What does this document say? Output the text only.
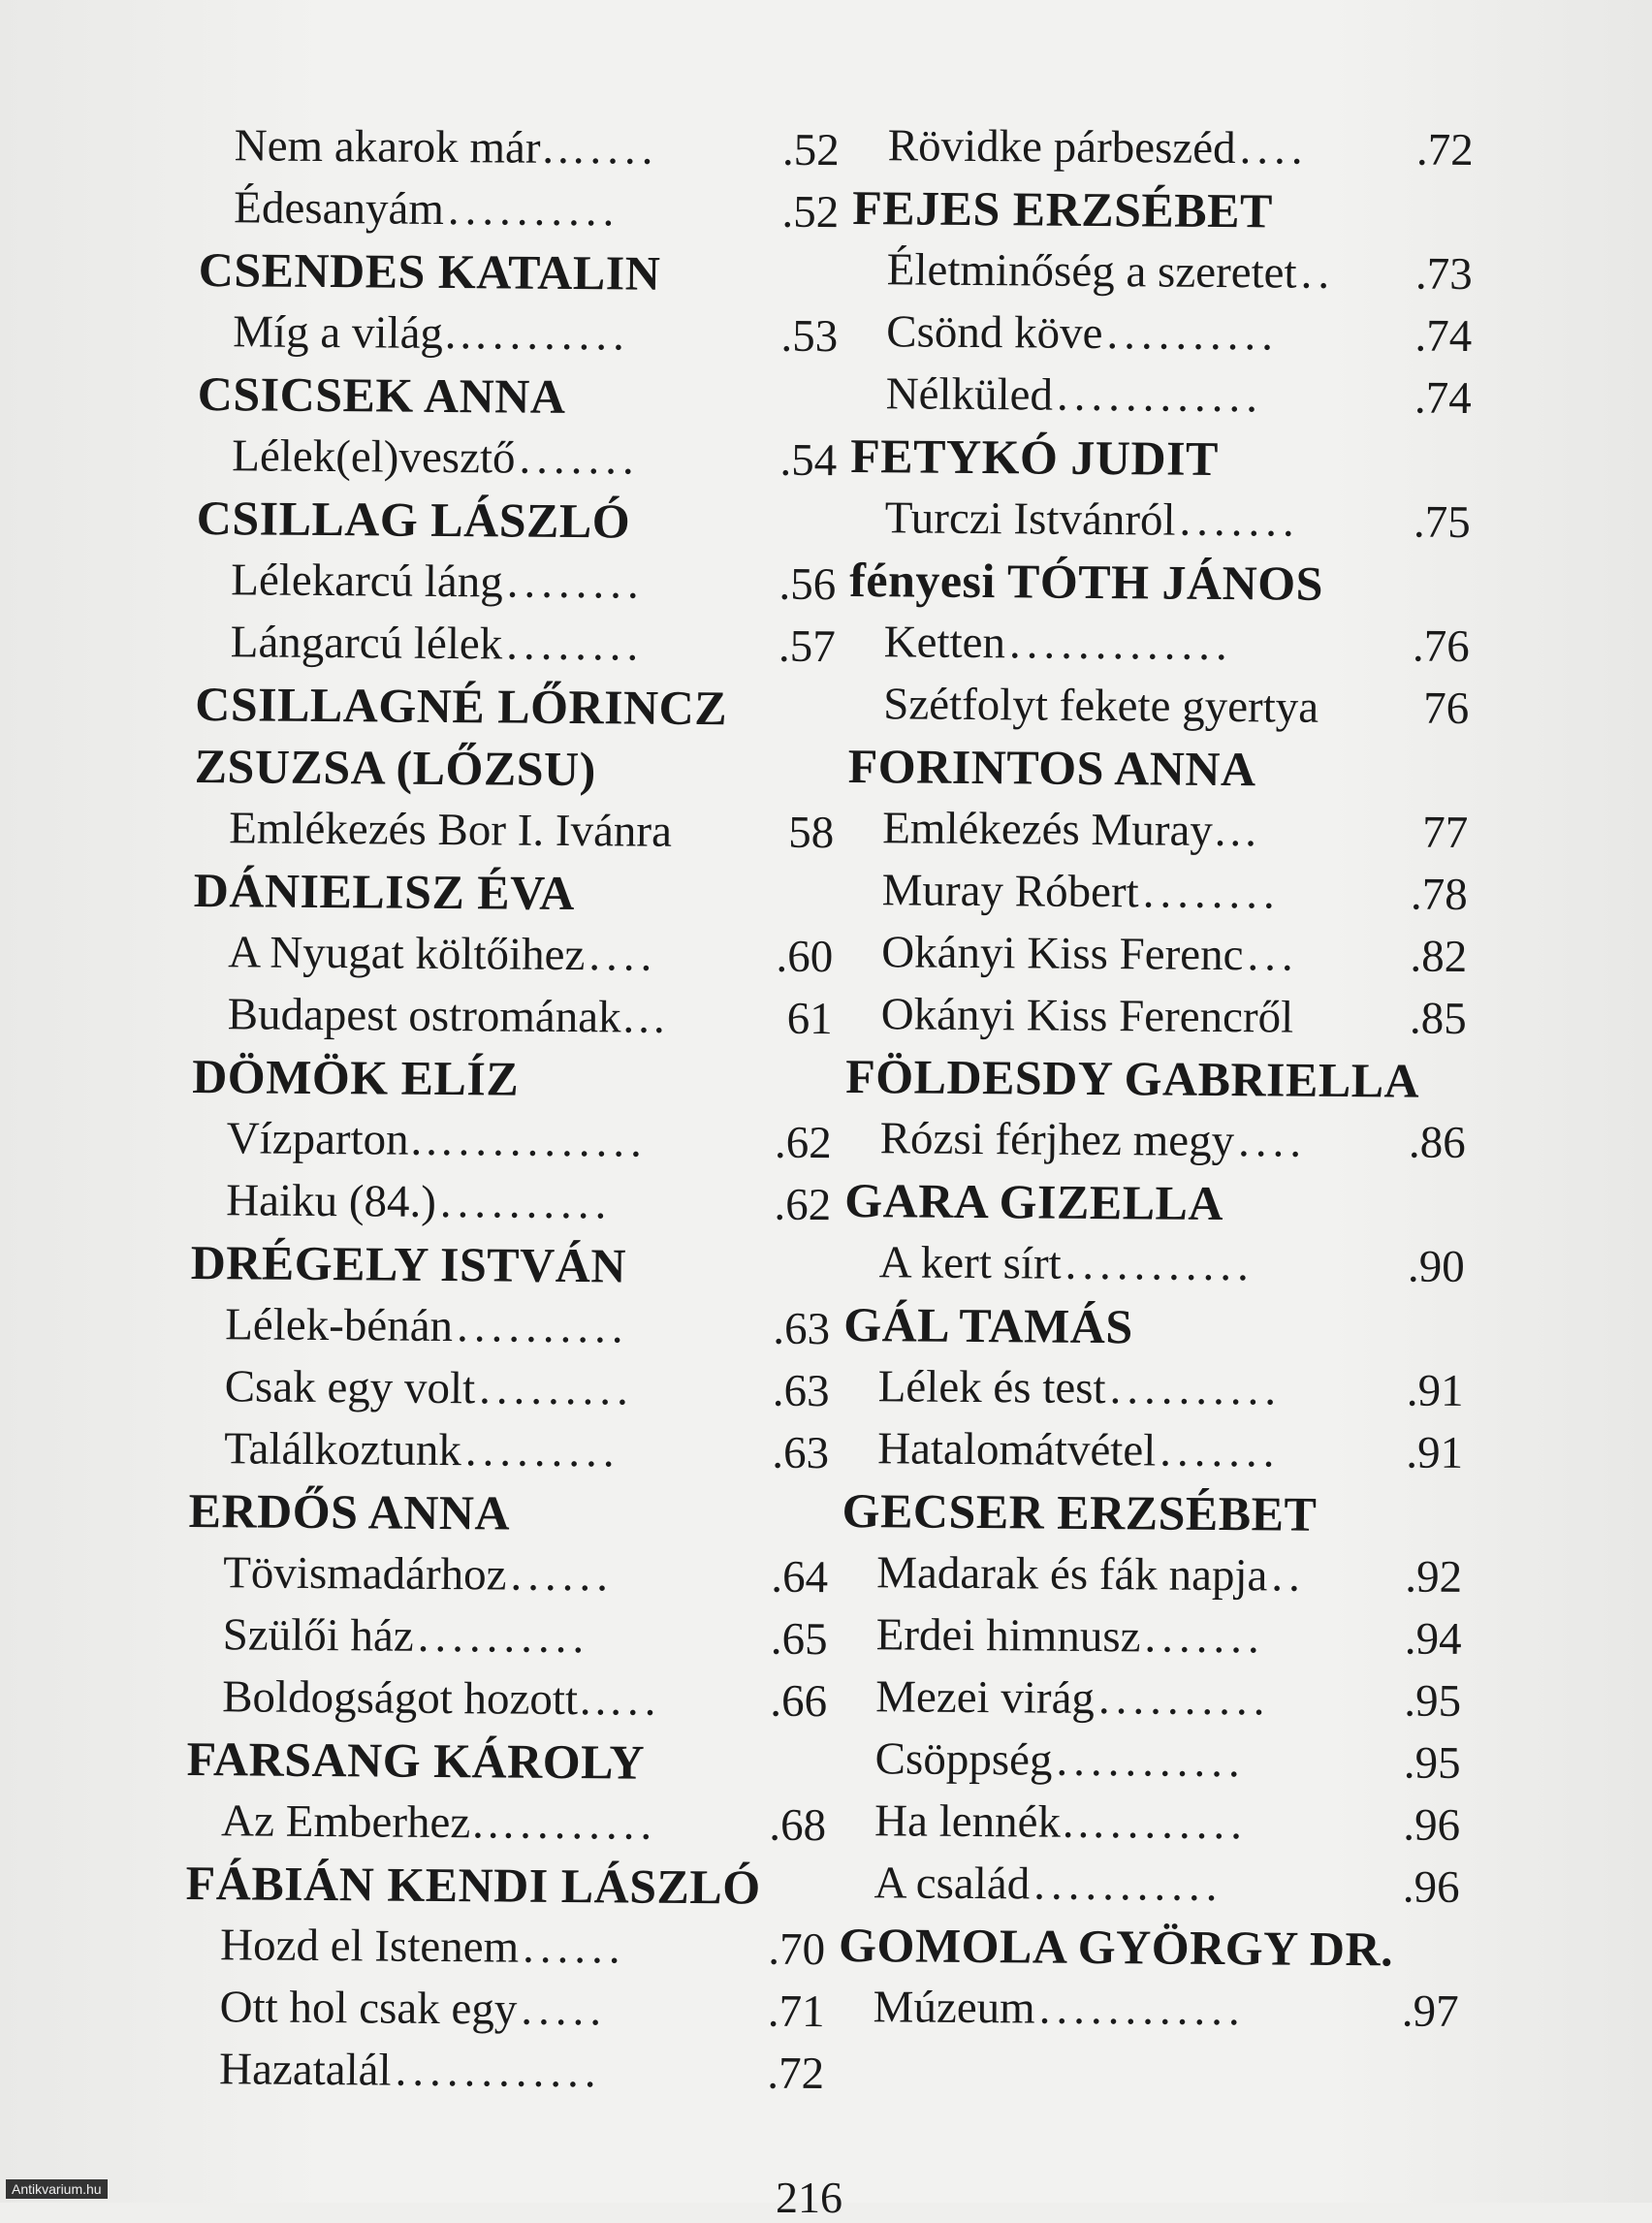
Nem akarok már… ....	.52
Édesanyám ..........	.52
CSENDES KATALIN
Míg a világ… ........	.53
CSICSEK ANNA
Lélek(el)vesztő .......	.54
CSILLAG LÁSZLÓ
Lélekarcú láng ........	.56
Lángarcú lélek ........	.57
CSILLAGNÉ LŐRINCZ
ZSUZSA (LŐZSU)
Emlékezés Bor I. Ivánra	58
DÁNIELISZ ÉVA
A Nyugat költőihez ....	.60
Budapest ostromának…	61
DÖMÖK ELÍZ
Vízparton… ...........	.62
Haiku (84.) ..........	.62
DRÉGELY ISTVÁN
Lélek-bénán ..........	.63
Csak egy volt .........	.63
Találkoztunk .........	.63
ERDŐS ANNA
Tövismadárhoz ......	.64
Szülői ház ..........	.65
Boldogságot hozott… ..	.66
FARSANG KÁROLY
Az Emberhez… ........	.68
FÁBIÁN KENDI LÁSZLÓ
Hozd el Istenem ......	.70
Ott hol csak egy .....	.71
Hazatalál ............	.72
Rövidke párbeszéd ....	.72
FEJES ERZSÉBET
Életminőség a szeretet ..	.73
Csönd köve ..........	.74
Nélküled ............	.74
FETYKÓ JUDIT
Turczi Istvánról .......	.75
fényesi TÓTH JÁNOS
Ketten .............	.76
Szétfolyt fekete gyertya 76
FORINTOS ANNA
Emlékezés Muray…	77
Muray Róbert ........	.78
Okányi Kiss Ferenc ...	.82
Okányi Kiss Ferencről	.85
FÖLDESDY GABRIELLA
Rózsi férjhez megy ....	.86
GARA GIZELLA
A kert sírt ...........	.90
GÁL TAMÁS
Lélek és test ..........	.91
Hatalomátvétel .......	.91
GECSER ERZSÉBET
Madarak és fák napja ..	.92
Erdei himnusz .......	.94
Mezei virág ..........	.95
Csöppség ...........	.95
Ha lennék… ........	.96
A család ...........	.96
GOMOLA GYÖRGY DR.
Múzeum ............	.97
216
Antikvarium.hu
